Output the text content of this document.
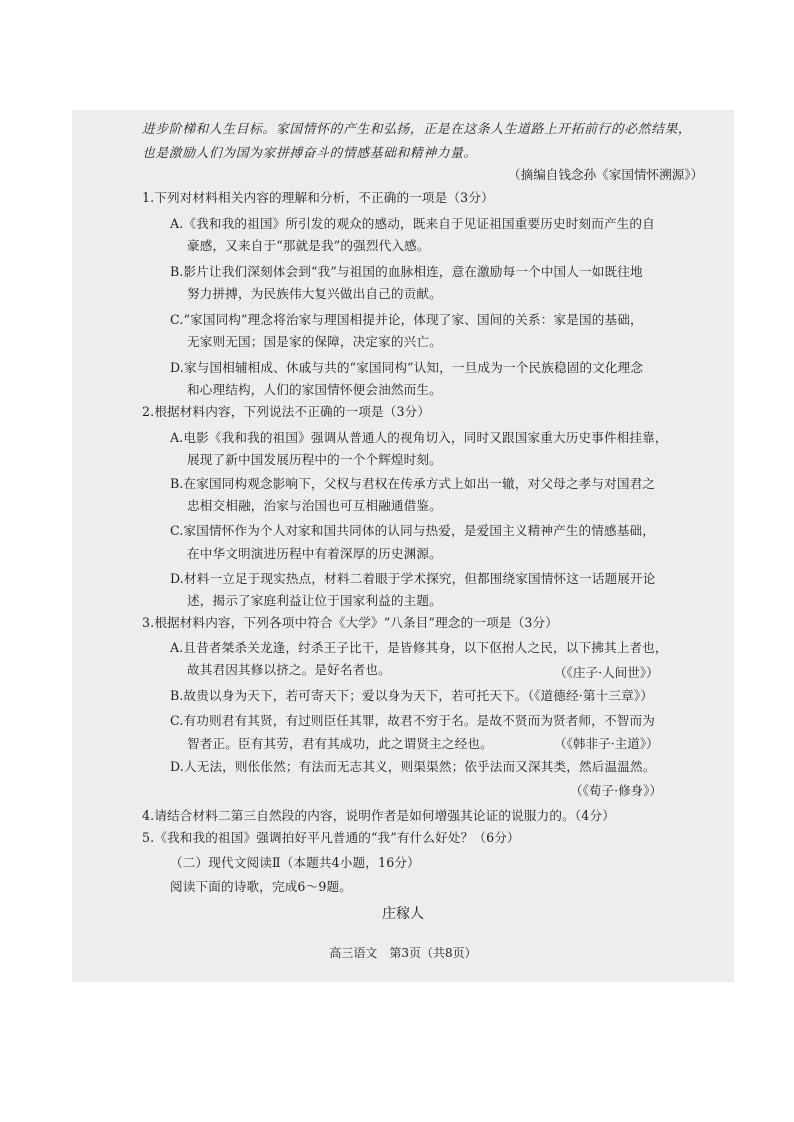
进步阶梯和人生目标。家国情怀的产生和弘扬，正是在这条人生道路上开拓前行的必然结果，
也是激励人们为国为家拼搏奋斗的情感基础和精神力量。
（摘编自钱念孙《家国情怀溯源》）
1.下列对材料相关内容的理解和分析，不正确的一项是（3分）
A.《我和我的祖国》所引发的观众的感动，既来自于见证祖国重要历史时刻而产生的自
豪感，又来自于“那就是我”的强烈代入感。
B.影片让我们深刻体会到“我”与祖国的血脉相连，意在激励每一个中国人一如既往地
努力拼搏，为民族伟大复兴做出自己的贡献。
C.“家国同构”理念将治家与理国相提并论，体现了家、国间的关系：家是国的基础，
无家则无国；国是家的保障，决定家的兴亡。
D.家与国相辅相成、休戚与共的“家国同构”认知，一旦成为一个民族稳固的文化理念
和心理结构，人们的家国情怀便会油然而生。
2.根据材料内容，下列说法不正确的一项是（3分）
A.电影《我和我的祖国》强调从普通人的视角切入，同时又跟国家重大历史事件相挂靠，
展现了新中国发展历程中的一个个辉煌时刻。
B.在家国同构观念影响下，父权与君权在传承方式上如出一辙，对父母之孝与对国君之
忠相交相融，治家与治国也可互相融通借鉴。
C.家国情怀作为个人对家和国共同体的认同与热爱，是爱国主义精神产生的情感基础，
在中华文明演进历程中有着深厚的历史渊源。
D.材料一立足于现实热点，材料二着眼于学术探究，但都围绕家国情怀这一话题展开论
述，揭示了家庭利益让位于国家利益的主题。
3.根据材料内容，下列各项中符合《大学》“八条目”理念的一项是（3分）
A.且昔者桀杀关龙逢，纣杀王子比干，是皆修其身，以下伛拊人之民，以下拂其上者也，
故其君因其修以挤之。是好名者也。	（《庄子·人间世》）
B.故贵以身为天下，若可寄天下；爱以身为天下，若可托天下。（《道德经·第十三章》）
C.有功则君有其贤，有过则臣任其罪，故君不穷于名。是故不贤而为贤者师，不智而为
智者正。臣有其劳，君有其成功，此之谓贤主之经也。	（《韩非子·主道》）
D.人无法，则伥伥然；有法而无志其义，则渠渠然；依乎法而又深其类，然后温温然。
（《荀子·修身》）
4.请结合材料二第三自然段的内容，说明作者是如何增强其论证的说服力的。（4分）
5.《我和我的祖国》强调拍好平凡普通的“我”有什么好处？（6分）
（二）现代文阅读Ⅱ（本题共4小题，16分）
阅读下面的诗歌，完成6～9题。
庄稼人
高三语文　第3页（共8页）
